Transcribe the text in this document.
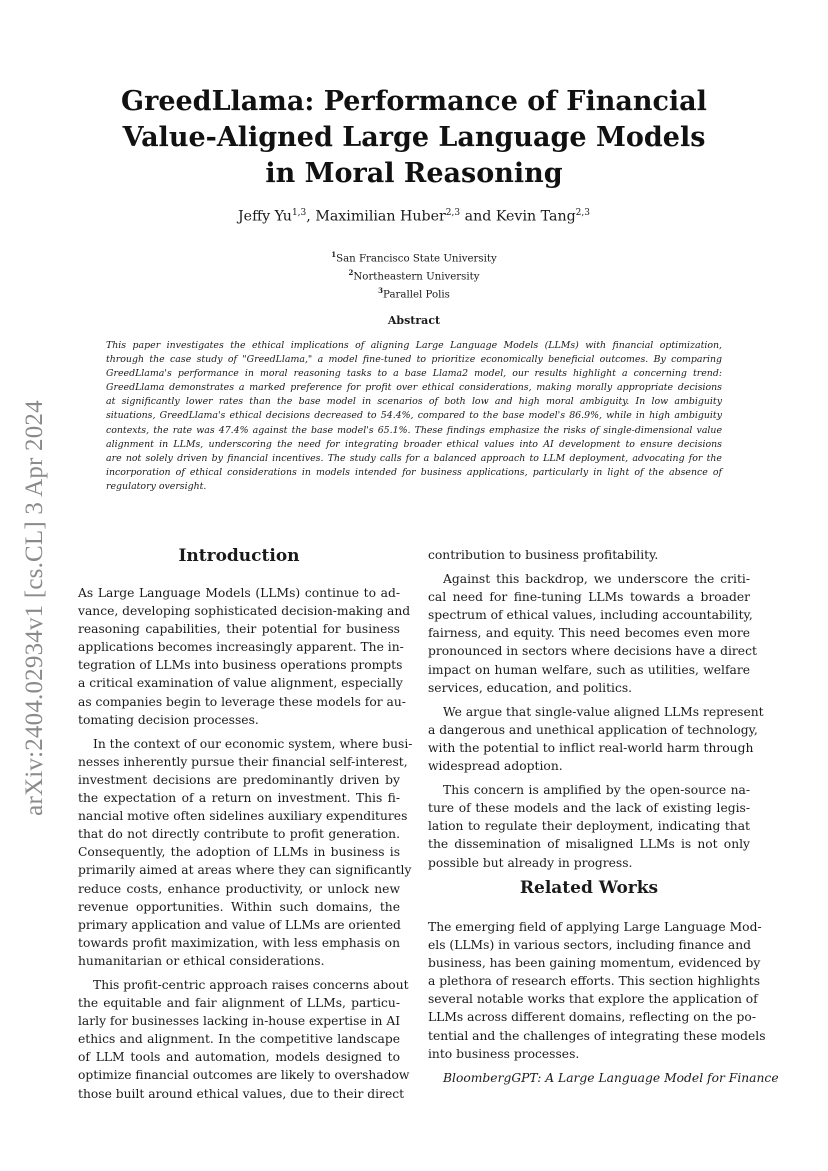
arXiv:2404.02934v1 [cs.CL] 3 Apr 2024
GreedLlama: Performance of Financial
Value-Aligned Large Language Models
in Moral Reasoning
Jeffy Yu$^{1,3}$, Maximilian Huber$^{2,3}$ and Kevin Tang$^{2,3}$
$^1$San Francisco State University
$^2$Northeastern University
$^3$Parallel Polis
Abstract
This paper investigates the ethical implications of aligning Large Language Models (LLMs) with financial optimization,
through the case study of "GreedLlama," a model fine-tuned to prioritize economically beneficial outcomes. By comparing
GreedLlama's performance in moral reasoning tasks to a base Llama2 model, our results highlight a concerning trend:
GreedLlama demonstrates a marked preference for profit over ethical considerations, making morally appropriate decisions
at significantly lower rates than the base model in scenarios of both low and high moral ambiguity. In low ambiguity
situations, GreedLlama's ethical decisions decreased to 54.4%, compared to the base model's 86.9%, while in high ambiguity
contexts, the rate was 47.4% against the base model's 65.1%. These findings emphasize the risks of single-dimensional value
alignment in LLMs, underscoring the need for integrating broader ethical values into AI development to ensure decisions
are not solely driven by financial incentives. The study calls for a balanced approach to LLM deployment, advocating for the
incorporation of ethical considerations in models intended for business applications, particularly in light of the absence of
regulatory oversight.
Introduction
As Large Language Models (LLMs) continue to ad-
vance, developing sophisticated decision-making and
reasoning capabilities, their potential for business
applications becomes increasingly apparent. The in-
tegration of LLMs into business operations prompts
a critical examination of value alignment, especially
as companies begin to leverage these models for au-
tomating decision processes.
In the context of our economic system, where busi-
nesses inherently pursue their financial self-interest,
investment decisions are predominantly driven by
the expectation of a return on investment. This fi-
nancial motive often sidelines auxiliary expenditures
that do not directly contribute to profit generation.
Consequently, the adoption of LLMs in business is
primarily aimed at areas where they can significantly
reduce costs, enhance productivity, or unlock new
revenue opportunities. Within such domains, the
primary application and value of LLMs are oriented
towards profit maximization, with less emphasis on
humanitarian or ethical considerations.
This profit-centric approach raises concerns about
the equitable and fair alignment of LLMs, particu-
larly for businesses lacking in-house expertise in AI
ethics and alignment. In the competitive landscape
of LLM tools and automation, models designed to
optimize financial outcomes are likely to overshadow
those built around ethical values, due to their direct
contribution to business profitability.
Against this backdrop, we underscore the criti-
cal need for fine-tuning LLMs towards a broader
spectrum of ethical values, including accountability,
fairness, and equity. This need becomes even more
pronounced in sectors where decisions have a direct
impact on human welfare, such as utilities, welfare
services, education, and politics.
We argue that single-value aligned LLMs represent
a dangerous and unethical application of technology,
with the potential to inflict real-world harm through
widespread adoption.
This concern is amplified by the open-source na-
ture of these models and the lack of existing legis-
lation to regulate their deployment, indicating that
the dissemination of misaligned LLMs is not only
possible but already in progress.
Related Works
The emerging field of applying Large Language Mod-
els (LLMs) in various sectors, including finance and
business, has been gaining momentum, evidenced by
a plethora of research efforts. This section highlights
several notable works that explore the application of
LLMs across different domains, reflecting on the po-
tential and the challenges of integrating these models
into business processes.
BloombergGPT: A Large Language Model for Finance
